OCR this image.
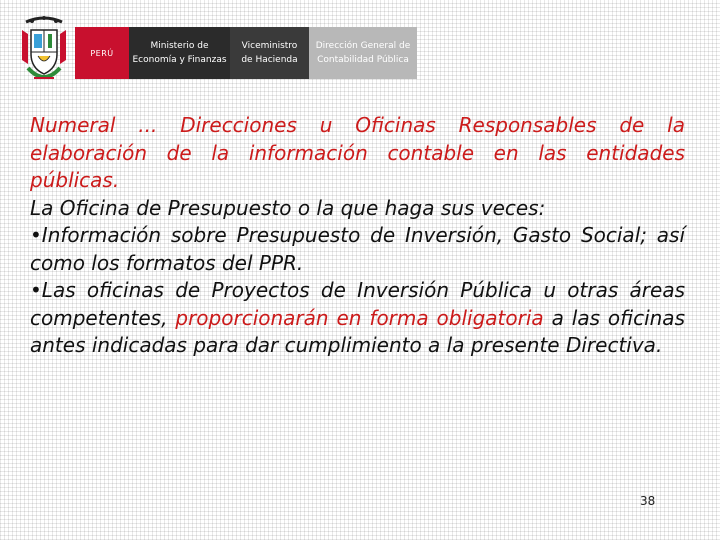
PERÚ
Ministerio de
Economía y Finanzas
Viceministro
de Hacienda
Dirección General de
Contabilidad Pública

Numeral ... Direcciones u Oficinas Responsables de la elaboración de la información contable en las entidades públicas.

La Oficina de Presupuesto o la que haga sus veces:

•Información sobre Presupuesto de Inversión, Gasto Social; así como los formatos del PPR.

•Las oficinas de Proyectos de Inversión Pública u otras áreas competentes, proporcionarán en forma obligatoria a las oficinas antes indicadas para dar cumplimiento a la presente Directiva.

38
